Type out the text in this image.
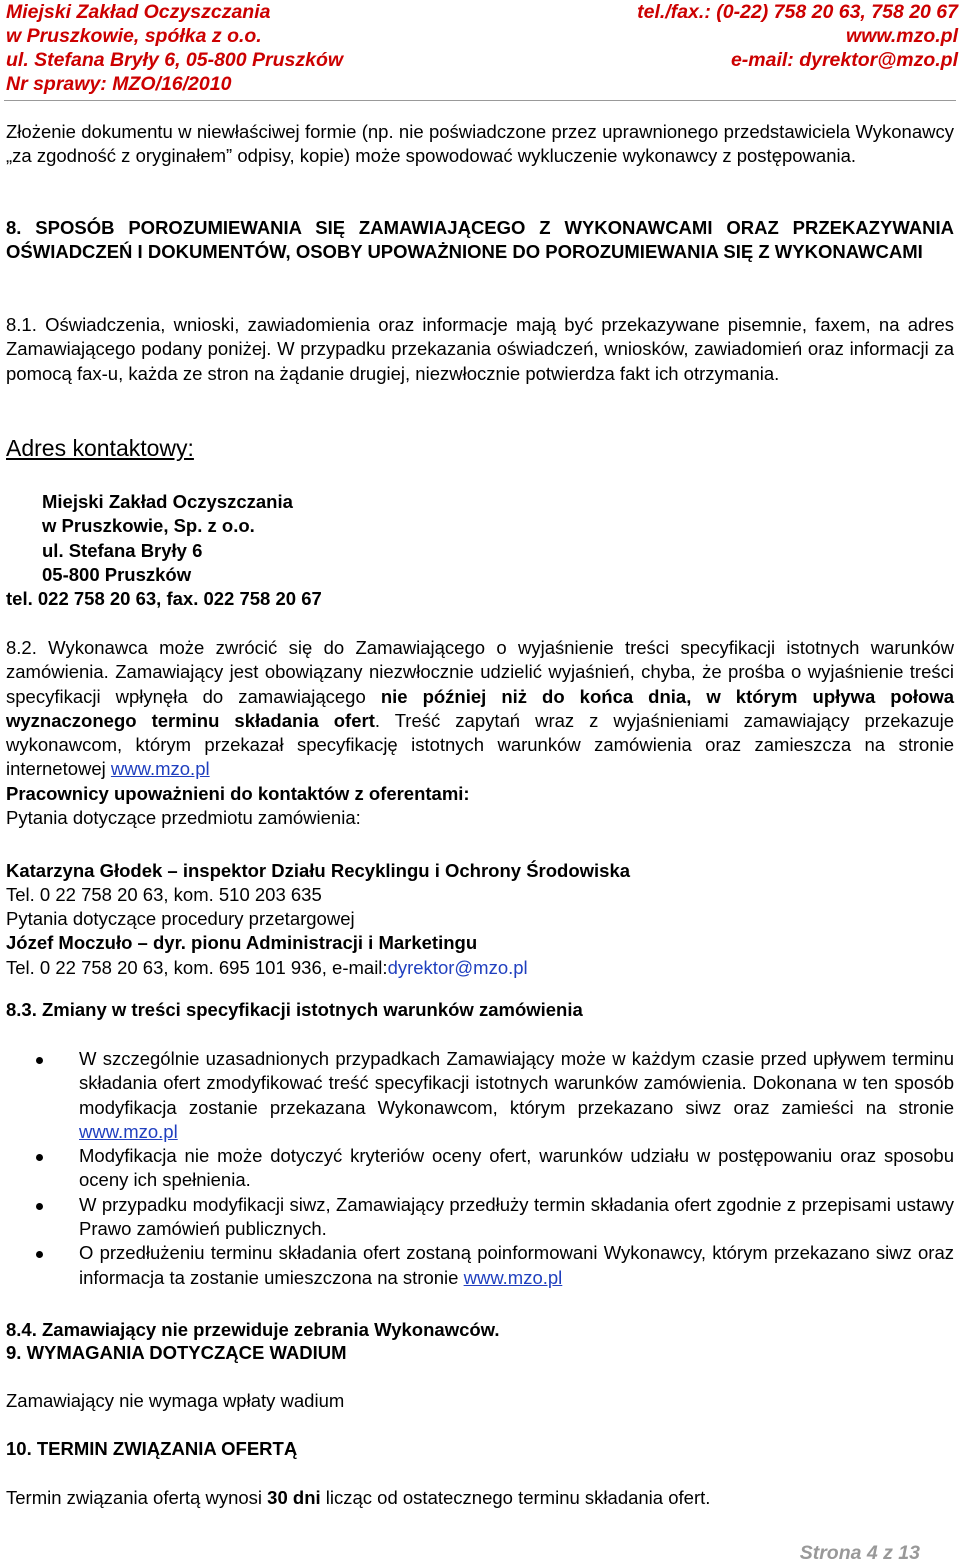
Miejski Zakład Oczyszczania	tel./fax.: (0-22) 758 20 63, 758 20 67
w Pruszkowie, spółka z o.o.	www.mzo.pl
ul. Stefana Bryły 6, 05-800 Pruszków	e-mail: dyrektor@mzo.pl
Nr sprawy: MZO/16/2010

Złożenie dokumentu w niewłaściwej formie (np. nie poświadczone przez uprawnionego przedstawiciela Wykonawcy „za zgodność z oryginałem” odpisy, kopie) może spowodować wykluczenie wykonawcy z postępowania.

8. SPOSÓB POROZUMIEWANIA SIĘ ZAMAWIAJĄCEGO Z WYKONAWCAMI ORAZ PRZEKAZYWANIA OŚWIADCZEŃ I DOKUMENTÓW, OSOBY UPOWAŻNIONE DO POROZUMIEWANIA SIĘ Z WYKONAWCAMI

8.1. Oświadczenia, wnioski, zawiadomienia oraz informacje mają być przekazywane pisemnie, faxem, na adres Zamawiającego podany poniżej. W przypadku przekazania oświadczeń, wniosków, zawiadomień oraz informacji za pomocą fax-u, każda ze stron na żądanie drugiej, niezwłocznie potwierdza fakt ich otrzymania.

Adres kontaktowy:

Miejski Zakład Oczyszczania
w Pruszkowie, Sp. z o.o.
ul. Stefana Bryły 6
05-800 Pruszków
tel. 022 758 20 63, fax. 022 758 20 67

8.2. Wykonawca może zwrócić się do Zamawiającego o wyjaśnienie treści specyfikacji istotnych warunków zamówienia. Zamawiający jest obowiązany niezwłocznie udzielić wyjaśnień, chyba, że prośba o wyjaśnienie treści specyfikacji wpłynęła do zamawiającego nie później niż do końca dnia, w którym upływa połowa wyznaczonego terminu składania ofert. Treść zapytań wraz z wyjaśnieniami zamawiający przekazuje wykonawcom, którym przekazał specyfikację istotnych warunków zamówienia oraz zamieszcza na stronie internetowej www.mzo.pl

Pracownicy upoważnieni do kontaktów z oferentami:
Pytania dotyczące przedmiotu zamówienia:
Katarzyna Głodek – inspektor Działu Recyklingu i Ochrony Środowiska
Tel. 0 22 758 20 63, kom. 510 203 635
Pytania dotyczące procedury przetargowej
Józef Moczuło – dyr. pionu Administracji i Marketingu
Tel. 0 22 758 20 63, kom. 695 101 936, e-mail:dyrektor@mzo.pl

8.3. Zmiany w treści specyfikacji istotnych warunków zamówienia

W szczególnie uzasadnionych przypadkach Zamawiający może w każdym czasie przed upływem terminu składania ofert zmodyfikować treść specyfikacji istotnych warunków zamówienia. Dokonana w ten sposób modyfikacja zostanie przekazana Wykonawcom, którym przekazano siwz oraz zamieści na stronie www.mzo.pl

Modyfikacja nie może dotyczyć kryteriów oceny ofert, warunków udziału w postępowaniu oraz sposobu oceny ich spełnienia.

W przypadku modyfikacji siwz, Zamawiający przedłuży termin składania ofert zgodnie z przepisami ustawy Prawo zamówień publicznych.

O przedłużeniu terminu składania ofert zostaną poinformowani Wykonawcy, którym przekazano siwz oraz informacja ta zostanie umieszczona na stronie www.mzo.pl

8.4. Zamawiający nie przewiduje zebrania Wykonawców.

9. WYMAGANIA DOTYCZĄCE WADIUM

Zamawiający nie wymaga wpłaty wadium

10. TERMIN ZWIĄZANIA OFERTĄ

Termin związania ofertą wynosi 30 dni licząc od ostatecznego terminu składania ofert.

Strona 4 z 13
